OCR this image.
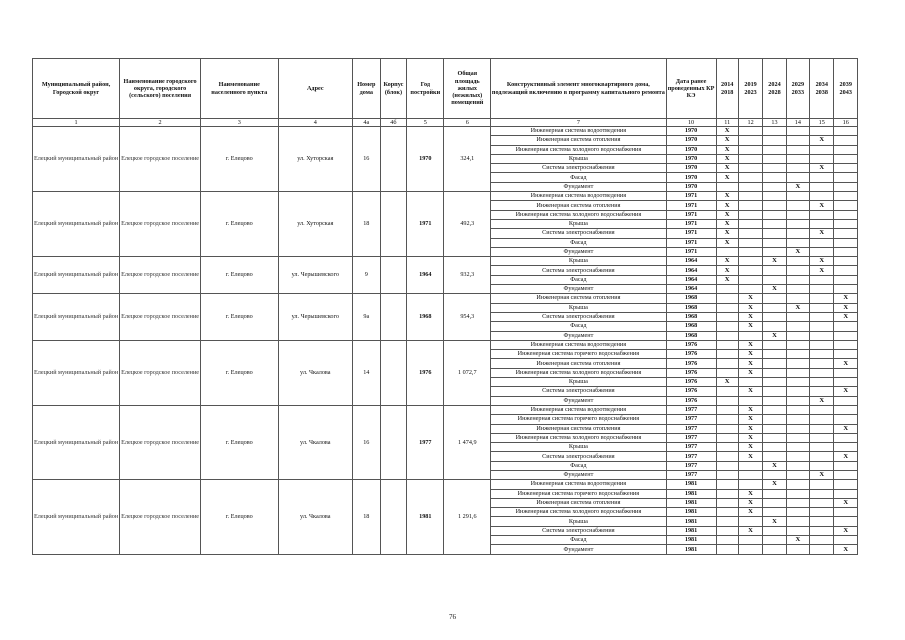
Муниципальный район, Городской округ	Наименование городского округа, городского (сельского) поселения	Наименование населенного пункта	Адрес	Номер дома	Корпус (блок)	Год постройки	Общая площадь жилых (нежилых) помещений	Конструктивный элемент многоквартирного дома, подлежащий включению в программу капитального ремонта	Дата ранее проведенных КР КЭ	2014 2018	2019 2023	2024 2028	2029 2033	2034 2038	2039 2043
1	2	3	4	4а	4б	5	6	7	10	11	12	13	14	15	16
Елецкий муниципальный район	Елецкое городское поселение	г. Елецово	ул. Хуторская	16		1970	324,1	Инженерная система водоотведения	1970	X					
								Инженерная система отопления	1970	X				X	
								Инженерная система холодного водоснабжения	1970	X					
								Крыша	1970	X					
								Система электроснабжения	1970	X				X	
								Фасад	1970	X					
								Фундамент	1970				X		
Елецкий муниципальный район	Елецкое городское поселение	г. Елецово	ул. Хуторская	18		1971	492,3	Инженерная система водоотведения	1971	X					
								Инженерная система отопления	1971	X				X	
								Инженерная система холодного водоснабжения	1971	X					
								Крыша	1971	X					
								Система электроснабжения	1971	X				X	
								Фасад	1971	X					
								Фундамент	1971				X		
Елецкий муниципальный район	Елецкое городское поселение	г. Елецово	ул. Черышевского	9		1964	932,3	Крыша	1964	X		X		X	
								Система электроснабжения	1964	X				X	
								Фасад	1964	X					
								Фундамент	1964			X			
Елецкий муниципальный район	Елецкое городское поселение	г. Елецово	ул. Черышевского	9а		1968	954,3	Инженерная система отопления	1968		X				X
								Крыша	1968		X		X		X
								Система электроснабжения	1968		X				X
								Фасад	1968		X				
								Фундамент	1968			X			
Елецкий муниципальный район	Елецкое городское поселение	г. Елецово	ул. Чкалова	14		1976	1 072,7	Инженерная система водоотведения	1976		X				
								Инженерная система горячего водоснабжения	1976		X				
								Инженерная система отопления	1976		X				X
								Инженерная система холодного водоснабжения	1976		X				
								Крыша	1976	X					
								Система электроснабжения	1976		X				X
								Фундамент	1976					X	
Елецкий муниципальный район	Елецкое городское поселение	г. Елецово	ул. Чкалова	16		1977	1 474,9	Инженерная система водоотведения	1977		X				
								Инженерная система горячего водоснабжения	1977		X				
								Инженерная система отопления	1977		X				X
								Инженерная система холодного водоснабжения	1977		X				
								Крыша	1977		X				
								Система электроснабжения	1977		X				X
								Фасад	1977			X			
								Фундамент	1977					X	
Елецкий муниципальный район	Елецкое городское поселение	г. Елецово	ул. Чкалова	18		1981	1 291,6	Инженерная система водоотведения	1981			X			
								Инженерная система горячего водоснабжения	1981		X				
								Инженерная система отопления	1981		X				X
								Инженерная система холодного водоснабжения	1981		X				
								Крыша	1981			X			
								Система электроснабжения	1981		X				X
								Фасад	1981				X		
								Фундамент	1981						X
76
